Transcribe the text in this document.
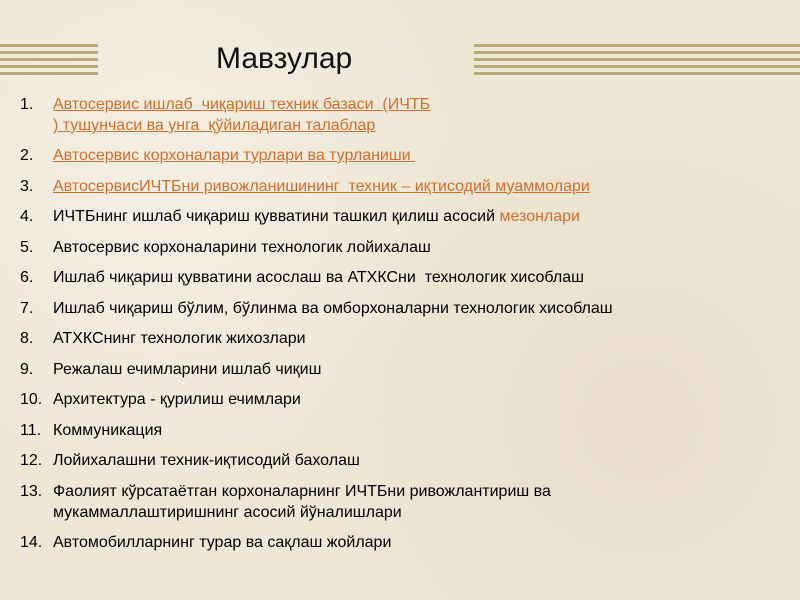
Мавзулар
1.	Автосервис ишлаб  чиқариш техник базаси  (ИЧТБ
) тушунчаси ва унга  қўйиладиган талаблар
2.	Автосервис корхоналари турлари ва турланиши
3.	АвтосервисИЧТБни ривожланишининг  техник – иқтисодий муаммолари
4.	ИЧТБнинг ишлаб чиқариш қувватини ташкил қилиш асосий мезонлари
5.	Автосервис корхоналарини технологик лойихалаш
6.	Ишлаб чиқариш қувватини асослаш ва АТХКСни  технологик хисоблаш
7.	Ишлаб чиқариш бўлим, бўлинма ва омборхоналарни технологик хисоблаш
8.	АТХКСнинг технологик жихозлари
9.	Режалаш ечимларини ишлаб чиқиш
10. Архитектура - қурилиш ечимлари
11. Коммуникация
12. Лойихалашни техник-иқтисодий бахолаш
13. Фаолият кўрсатаётган корхоналарнинг ИЧТБни ривожлантириш ва
мукаммаллаштиришнинг асосий йўналишлари
14. Автомобилларнинг турар ва сақлаш жойлари
